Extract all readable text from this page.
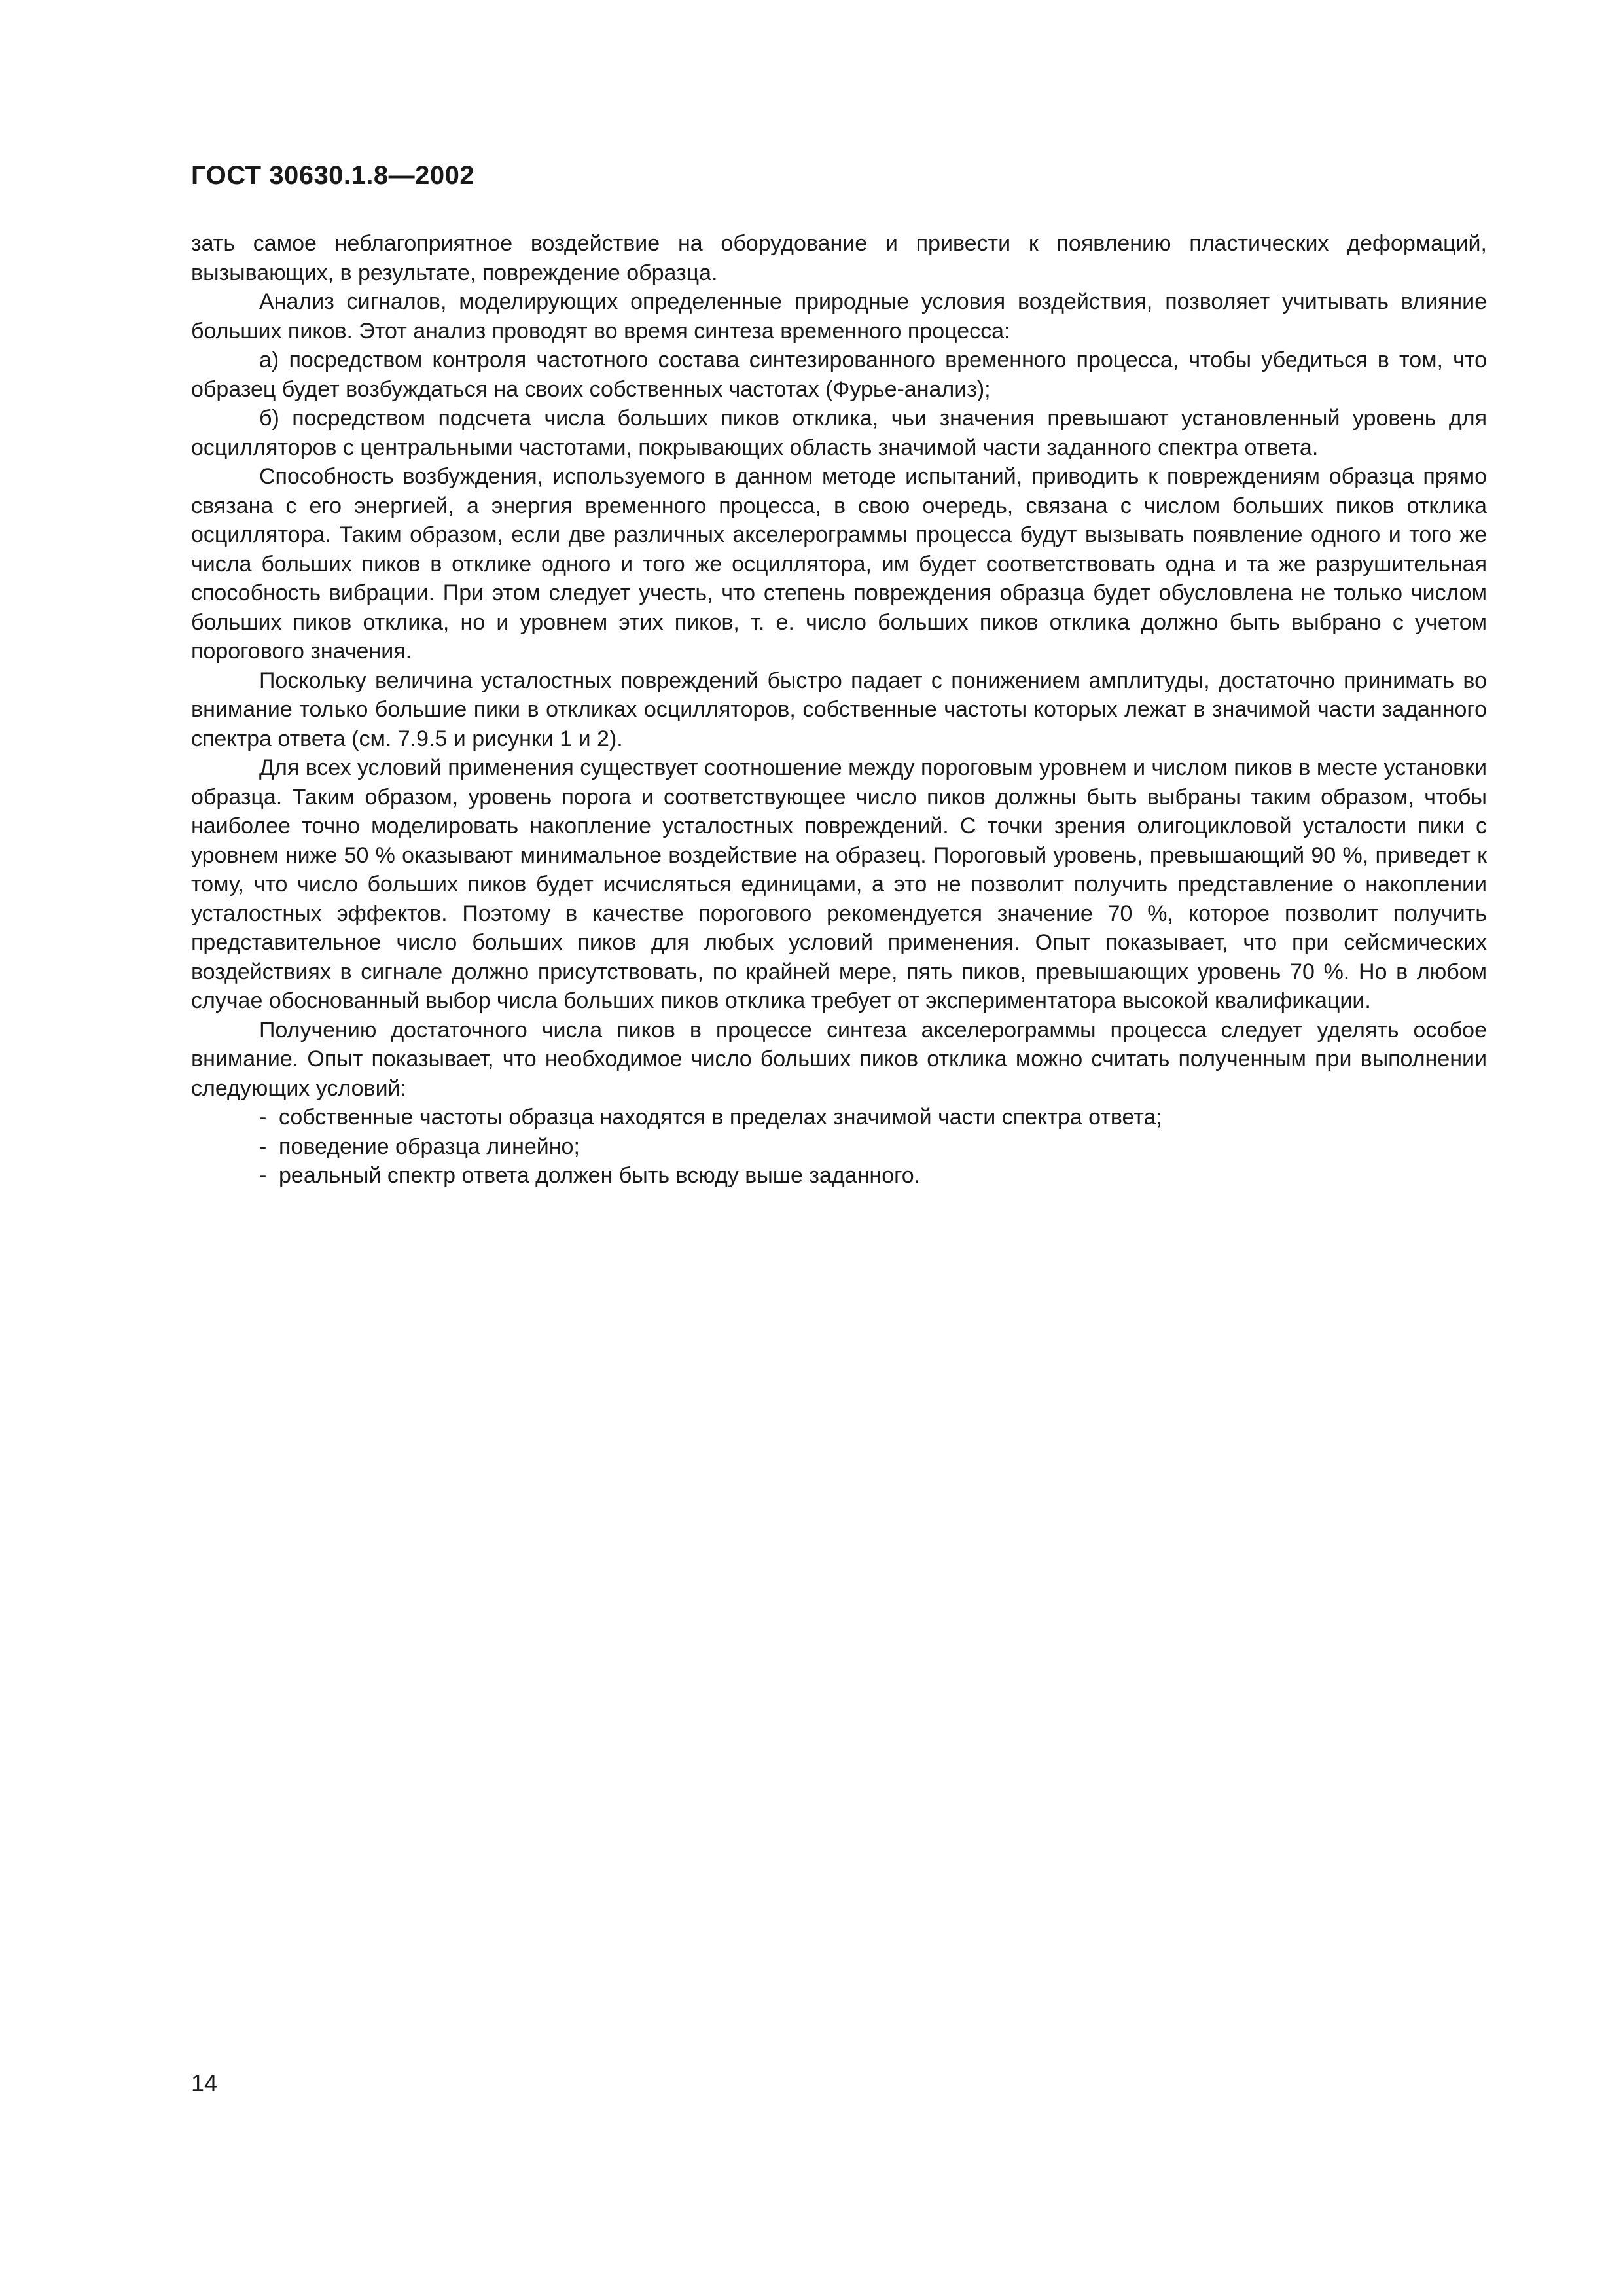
ГОСТ 30630.1.8—2002

зать самое неблагоприятное воздействие на оборудование и привести к появлению пластических деформаций, вызывающих, в результате, повреждение образца.

Анализ сигналов, моделирующих определенные природные условия воздействия, позволяет учитывать влияние больших пиков. Этот анализ проводят во время синтеза временного процесса:

а) посредством контроля частотного состава синтезированного временного процесса, чтобы убедиться в том, что образец будет возбуждаться на своих собственных частотах (Фурье-анализ);

б) посредством подсчета числа больших пиков отклика, чьи значения превышают установленный уровень для осцилляторов с центральными частотами, покрывающих область значимой части заданного спектра ответа.

Способность возбуждения, используемого в данном методе испытаний, приводить к повреждениям образца прямо связана с его энергией, а энергия временного процесса, в свою очередь, связана с числом больших пиков отклика осциллятора. Таким образом, если две различных акселерограммы процесса будут вызывать появление одного и того же числа больших пиков в отклике одного и того же осциллятора, им будет соответствовать одна и та же разрушительная способность вибрации. При этом следует учесть, что степень повреждения образца будет обусловлена не только числом больших пиков отклика, но и уровнем этих пиков, т. е. число больших пиков отклика должно быть выбрано с учетом порогового значения.

Поскольку величина усталостных повреждений быстро падает с понижением амплитуды, достаточно принимать во внимание только большие пики в откликах осцилляторов, собственные частоты которых лежат в значимой части заданного спектра ответа (см. 7.9.5 и рисунки 1 и 2).

Для всех условий применения существует соотношение между пороговым уровнем и числом пиков в месте установки образца. Таким образом, уровень порога и соответствующее число пиков должны быть выбраны таким образом, чтобы наиболее точно моделировать накопление усталостных повреждений. С точки зрения олигоцикловой усталости пики с уровнем ниже 50 % оказывают минимальное воздействие на образец. Пороговый уровень, превышающий 90 %, приведет к тому, что число больших пиков будет исчисляться единицами, а это не позволит получить представление о накоплении усталостных эффектов. Поэтому в качестве порогового рекомендуется значение 70 %, которое позволит получить представительное число больших пиков для любых условий применения. Опыт показывает, что при сейсмических воздействиях в сигнале должно присутствовать, по крайней мере, пять пиков, превышающих уровень 70 %. Но в любом случае обоснованный выбор числа больших пиков отклика требует от экспериментатора высокой квалификации.

Получению достаточного числа пиков в процессе синтеза акселерограммы процесса следует уделять особое внимание. Опыт показывает, что необходимое число больших пиков отклика можно считать полученным при выполнении следующих условий:

- собственные частоты образца находятся в пределах значимой части спектра ответа;
- поведение образца линейно;
- реальный спектр ответа должен быть всюду выше заданного.
14
